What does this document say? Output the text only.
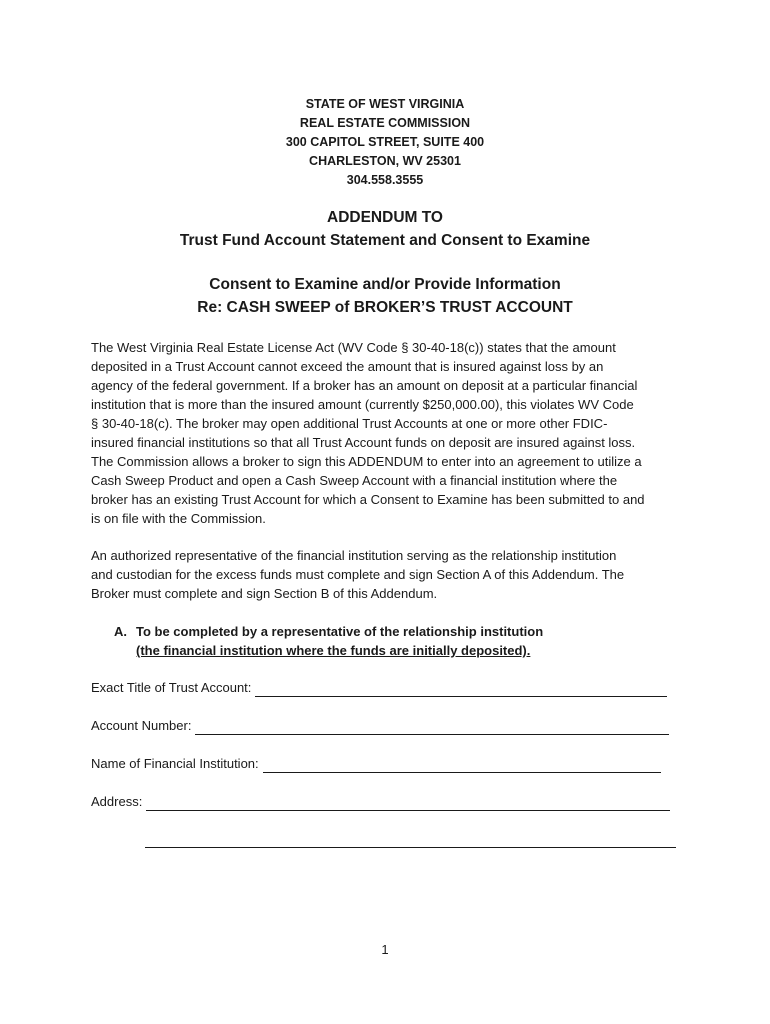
STATE OF WEST VIRGINIA
REAL ESTATE COMMISSION
300 CAPITOL STREET, SUITE 400
CHARLESTON, WV 25301
304.558.3555
ADDENDUM TO
Trust Fund Account Statement and Consent to Examine
Consent to Examine and/or Provide Information
Re: CASH SWEEP of BROKER’S TRUST ACCOUNT
The West Virginia Real Estate License Act (WV Code § 30-40-18(c)) states that the amount
deposited in a Trust Account cannot exceed the amount that is insured against loss by an
agency of the federal government. If a broker has an amount on deposit at a particular financial
institution that is more than the insured amount (currently $250,000.00), this violates WV Code
§ 30-40-18(c). The broker may open additional Trust Accounts at one or more other FDIC-
insured financial institutions so that all Trust Account funds on deposit are insured against loss.
The Commission allows a broker to sign this ADDENDUM to enter into an agreement to utilize a
Cash Sweep Product and open a Cash Sweep Account with a financial institution where the
broker has an existing Trust Account for which a Consent to Examine has been submitted to and
is on file with the Commission.
An authorized representative of the financial institution serving as the relationship institution
and custodian for the excess funds must complete and sign Section A of this Addendum. The
Broker must complete and sign Section B of this Addendum.
A. To be completed by a representative of the relationship institution
(the financial institution where the funds are initially deposited).
Exact Title of Trust Account:
Account Number:
Name of Financial Institution:
Address:
1
